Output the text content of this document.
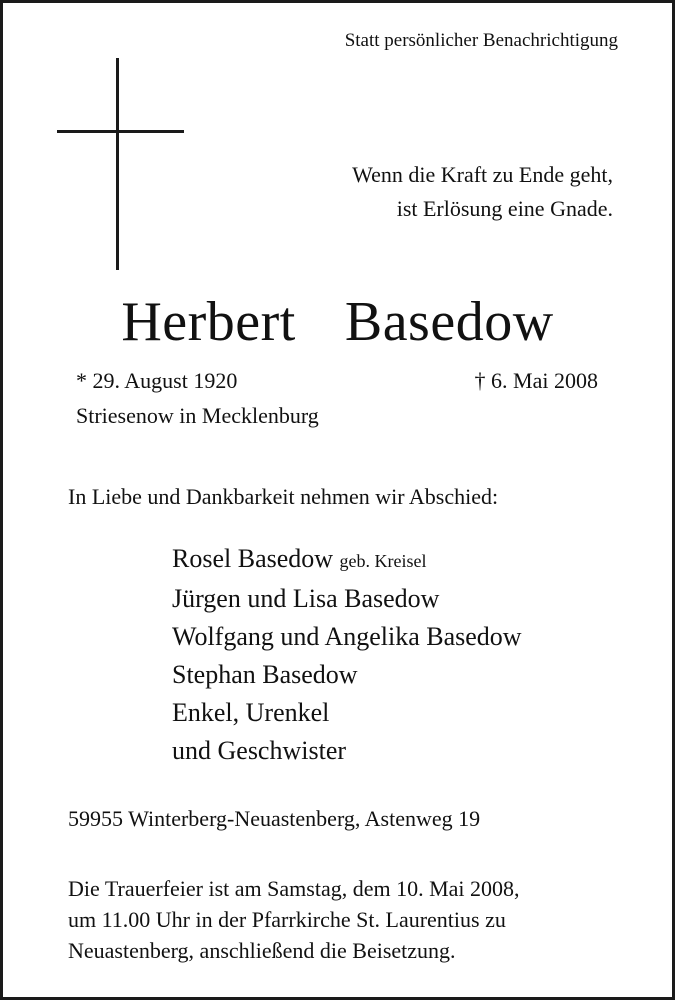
Statt persönlicher Benachrichtigung
Wenn die Kraft zu Ende geht,
ist Erlösung eine Gnade.
Herbert  Basedow
* 29. August 1920	† 6. Mai 2008
Striesenow in Mecklenburg
In Liebe und Dankbarkeit nehmen wir Abschied:
Rosel Basedow geb. Kreisel
Jürgen und Lisa Basedow
Wolfgang und Angelika Basedow
Stephan Basedow
Enkel, Urenkel
und Geschwister
59955 Winterberg-Neuastenberg, Astenweg 19
Die Trauerfeier ist am Samstag, dem 10. Mai 2008,
um 11.00 Uhr in der Pfarrkirche St. Laurentius zu
Neuastenberg, anschließend die Beisetzung.
